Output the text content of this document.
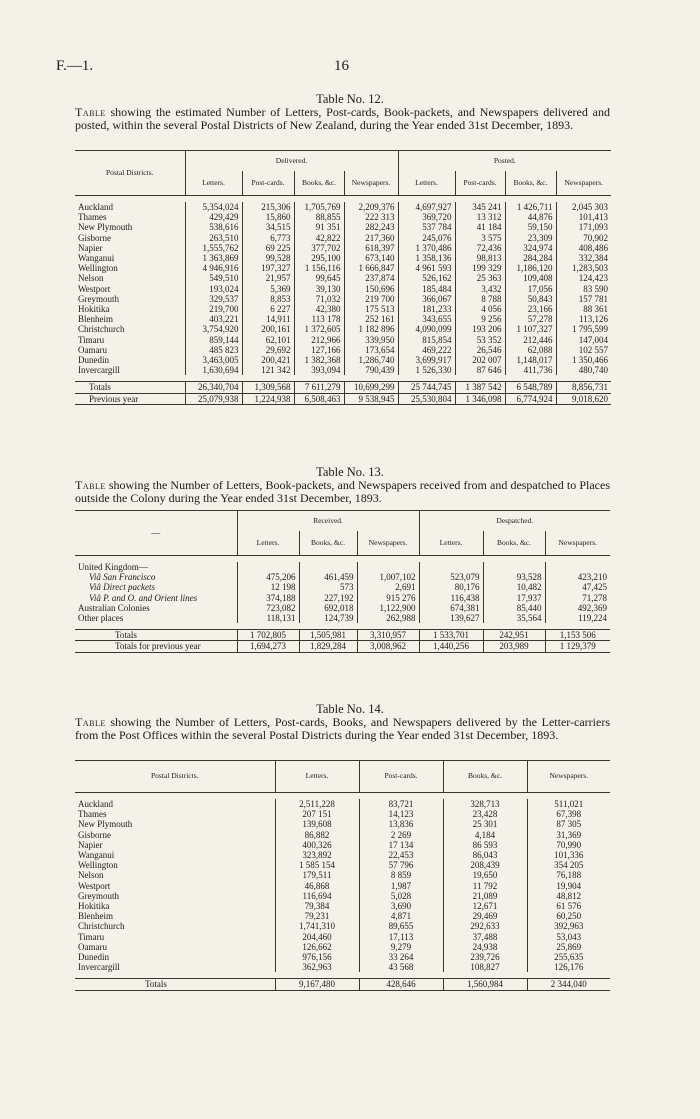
F.—1.	16
Table No. 12.
Table showing the estimated Number of Letters, Post-cards, Book-packets, and Newspapers delivered and posted, within the several Postal Districts of New Zealand, during the Year ended 31st December, 1893.
Postal Districts.	Delivered.				Posted.			
	Letters.	Post-cards.	Books, &c.	Newspapers.	Letters.	Post-cards.	Books, &c.	Newspapers.

Auckland	5,354,024	215,306	1,705,769	2,209,376	4,697,927	345 241	1 426,711	2,045 303
Thames	429,429	15,860	88,855	222 313	369,720	13 312	44,876	101,413
New Plymouth	538,616	34,515	91 351	282,243	537 784	41 184	59,150	171,093
Gisborne	263,510	6,773	42,822	217,360	245,076	3 575	23,309	70,902
Napier	1,555,762	69 225	377,702	618,397	1 370,486	72,436	324,974	408,486
Wanganui	1 363,869	99,528	295,100	673,140	1 358,136	98,813	284,284	332,384
Wellington	4 946,916	197,327	1 156,116	1 666,847	4 961 593	199 329	1,186,120	1,283,503
Nelson	549,510	21,957	99,645	237,874	526,162	25 363	109,408	124,423
Westport	193,024	5,369	39,130	150,696	185,484	3,432	17,056	83 590
Greymouth	329,537	8,853	71,032	219 700	366,067	8 788	50,843	157 781
Hokitika	219,700	6 227	42,380	175 513	181,233	4 056	23,166	88 361
Blenheim	403,221	14,911	113 178	252 161	343,655	9 256	57,278	113,126
Christchurch	3,754,920	200,161	1 372,605	1 182 896	4,090,099	193 206	1 107,327	1 795,599
Timaru	859,144	62,101	212,966	339,950	815,854	53 352	212,446	147,004
Oamaru	485 823	29,692	127,166	173,654	469,222	26,546	62,088	102 557
Dunedin	3,463,005	200,421	1 382,368	1,286,740	3,699,917	202 007	1,148,017	1 350,466
Invercargill	1,630,694	121 342	393,094	790,439	1 526,330	87 646	411,736	480,740

Totals	26,340,704	1,309,568	7 611,279	10,699,299	25 744,745	1 387 542	6 548,789	8,856,731
Previous year	25,079,938	1,224,938	6,508,463	9 538,945	25,530,804	1 346,098	6,774,924	9,018,620
Table No. 13.
Table showing the Number of Letters, Book-packets, and Newspapers received from and despatched to Places outside the Colony during the Year ended 31st December, 1893.
—	Received.			Despatched.		
	Letters.	Books, &c.	Newspapers.	Letters.	Books, &c.	Newspapers.

United Kingdom—						
Viâ San Francisco	475,206	461,459	1,007,102	523,079	93,528	423,210
Viâ Direct packets	12 198	573	2,691	80,176	10,482	47,425
Viâ P. and O. and Orient lines	374,188	227,192	915 276	116,438	17,937	71,278
Australian Colonies	723,082	692,018	1,122,900	674,381	85,440	492,369
Other places	118,131	124,739	262,988	139,627	35,564	119,224

Totals	1 702,805	1,505,981	3,310,957	1 533,701	242,951	1,153 506
Totals for previous year	1,694,273	1,829,284	3,008,962	1,440,256	203,989	1 129,379
Table No. 14.
Table showing the Number of Letters, Post-cards, Books, and Newspapers delivered by the Letter-carriers from the Post Offices within the several Postal Districts during the Year ended 31st December, 1893.
Postal Districts.	Letters.	Post-cards.	Books, &c.	Newspapers.

Auckland	2,511,228	83,721	328,713	511,021
Thames	207 151	14,123	23,428	67,398
New Plymouth	139,608	13,836	25 301	87 305
Gisborne	86,882	2 269	4,184	31,369
Napier	400,326	17 134	86 593	70,990
Wanganui	323,892	22,453	86,043	101,336
Wellington	1 585 154	57 796	208,439	354 205
Nelson	179,511	8 859	19,650	76,188
Westport	46,868	1,987	11 792	19,904
Greymouth	116,694	5,028	21,089	48,812
Hokitika	79,384	3,690	12,671	61 576
Blenheim	79,231	4,871	29,469	60,250
Christchurch	1,741,310	89,655	292,633	392,963
Timaru	204,460	17,113	37,488	53,043
Oamaru	126,662	9,279	24,938	25,869
Dunedin	976,156	33 264	239,726	255,635
Invercargill	362,963	43 568	108,827	126,176

Totals	9,167,480	428,646	1,560,984	2 344,040
